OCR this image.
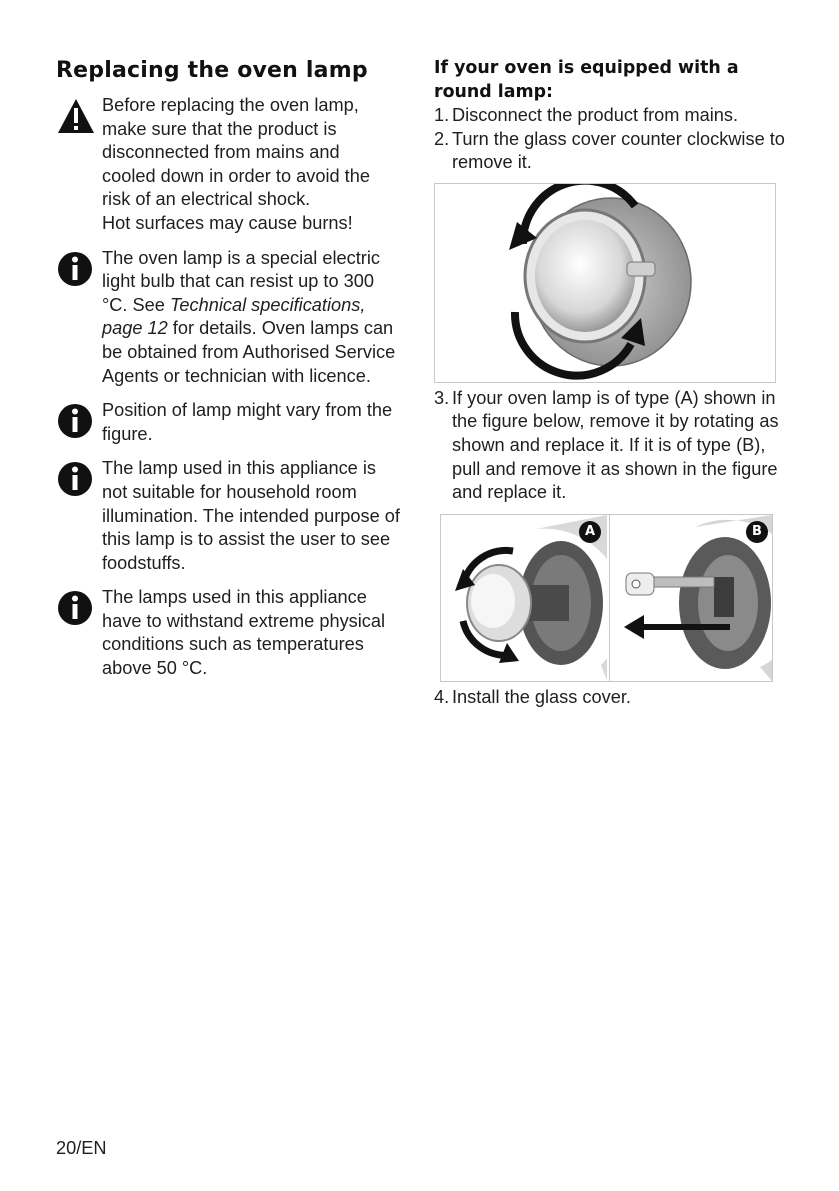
Replacing the oven lamp

Before replacing the oven lamp,
make sure that the product is
disconnected from mains and
cooled down in order to avoid the
risk of an electrical shock.
Hot surfaces may cause burns!

The oven lamp is a special electric light bulb that can resist up to 300 °C. See Technical specifications, page 12 for details. Oven lamps can be obtained from Authorised Service Agents or technician with licence.

Position of lamp might vary from the figure.

The lamp used in this appliance is not suitable for household room illumination. The intended purpose of this lamp is to assist the user to see foodstuffs.

The lamps used in this appliance have to withstand extreme physical conditions such as temperatures above 50 °C.

If your oven is equipped with a round lamp:
1. Disconnect the product from mains.
2. Turn the glass cover counter clockwise to remove it.
3. If your oven lamp is of type (A) shown in the figure below, remove it by rotating as shown and replace it. If it is of type (B), pull and remove it as shown in the figure and replace it.
A	B
4. Install the glass cover.
20/EN
